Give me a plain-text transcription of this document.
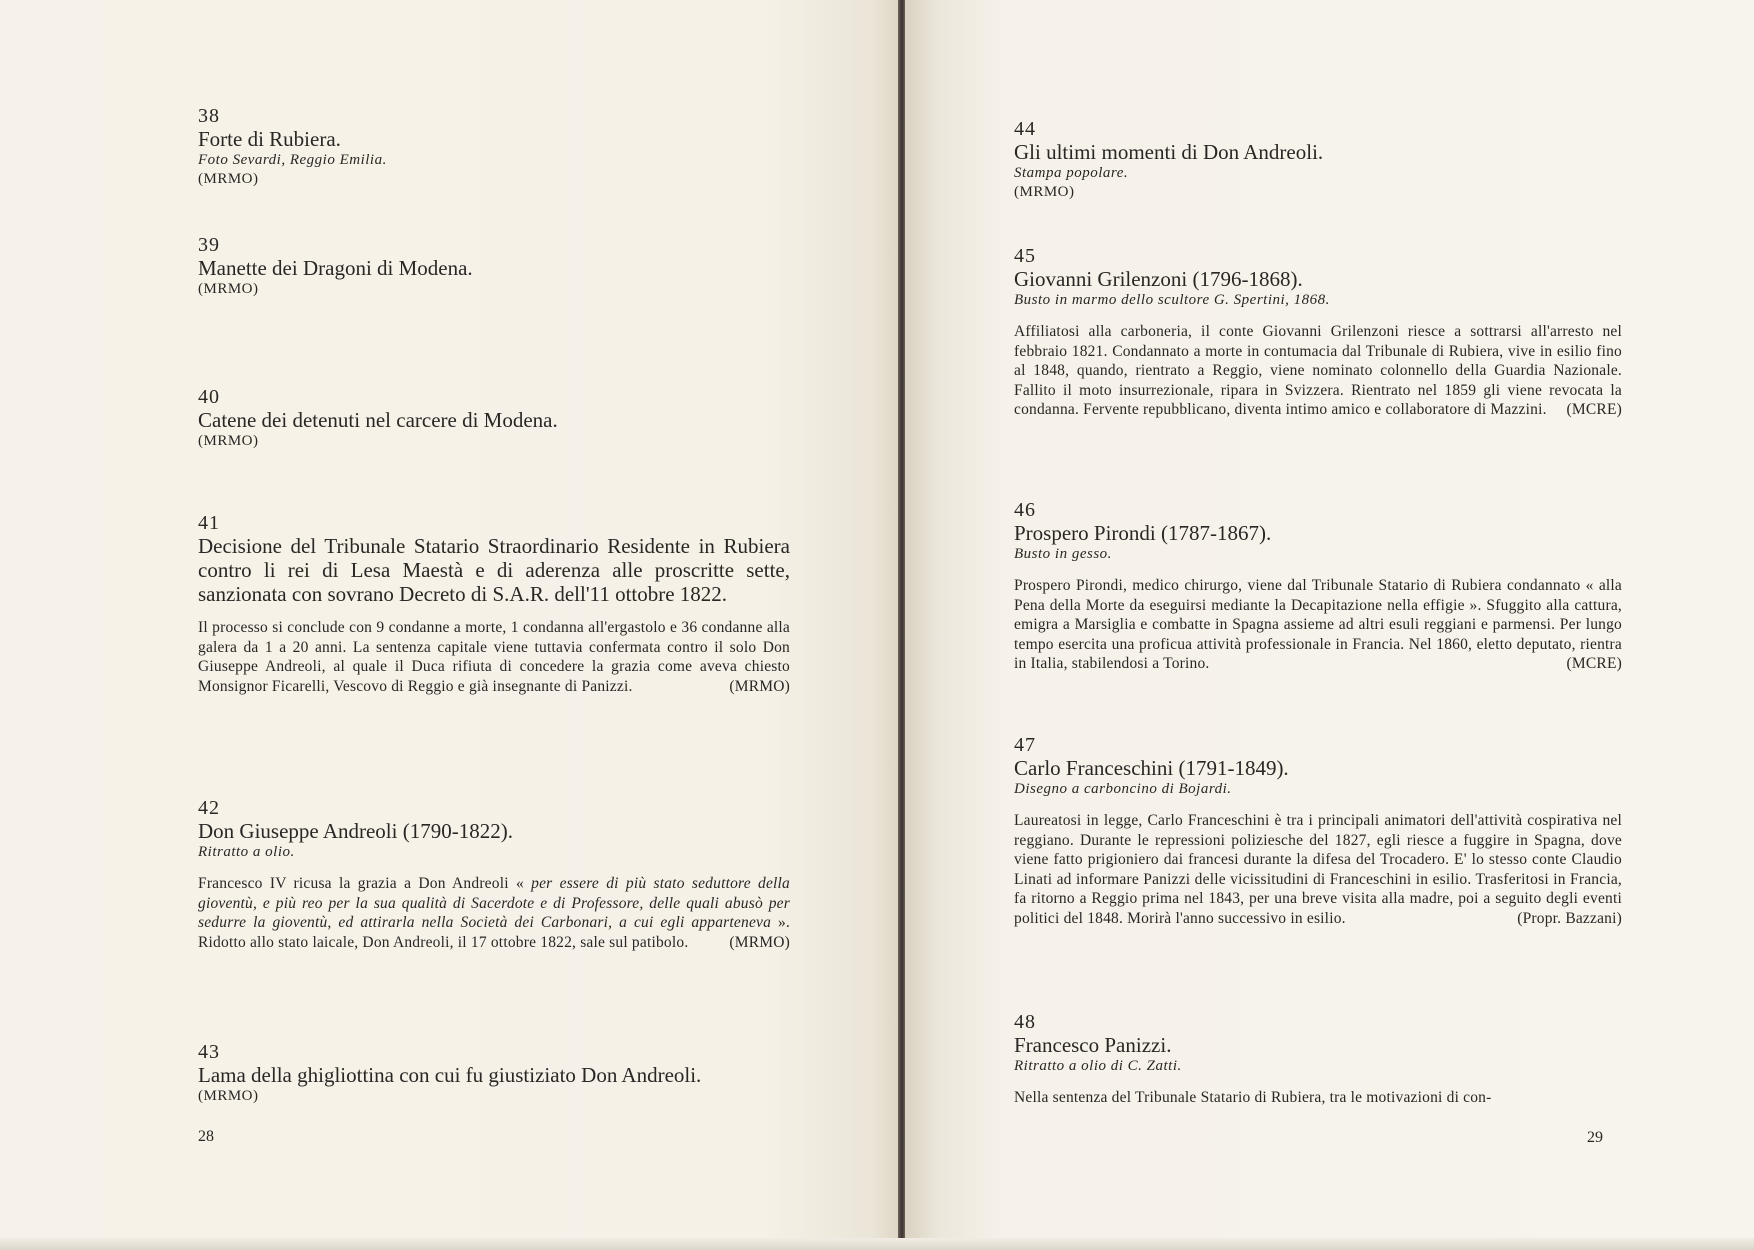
38
Forte di Rubiera.
Foto Sevardi, Reggio Emilia.
(MRMO)
39
Manette dei Dragoni di Modena.
(MRMO)
40
Catene dei detenuti nel carcere di Modena.
(MRMO)
41
Decisione del Tribunale Statario Straordinario Residente in Rubiera contro li rei di Lesa Maestà e di aderenza alle proscritte sette, sanzionata con sovrano Decreto di S.A.R. dell'11 ottobre 1822.
Il processo si conclude con 9 condanne a morte, 1 condanna all'ergastolo e 36 condanne alla galera da 1 a 20 anni. La sentenza capitale viene tuttavia confermata contro il solo Don Giuseppe Andreoli, al quale il Duca rifiuta di concedere la grazia come aveva chiesto Monsignor Ficarelli, Vescovo di Reggio e già insegnante di Panizzi.	(MRMO)
42
Don Giuseppe Andreoli (1790-1822).
Ritratto a olio.
Francesco IV ricusa la grazia a Don Andreoli « per essere di più stato seduttore della gioventù, e più reo per la sua qualità di Sacerdote e di Professore, delle quali abusò per sedurre la gioventù, ed attirarla nella Società dei Carbonari, a cui egli apparteneva ». Ridotto allo stato laicale, Don Andreoli, il 17 ottobre 1822, sale sul patibolo.	(MRMO)
43
Lama della ghigliottina con cui fu giustiziato Don Andreoli.
(MRMO)
28
44
Gli ultimi momenti di Don Andreoli.
Stampa popolare.
(MRMO)
45
Giovanni Grilenzoni (1796-1868).
Busto in marmo dello scultore G. Spertini, 1868.
Affiliatosi alla carboneria, il conte Giovanni Grilenzoni riesce a sottrarsi all'arresto nel febbraio 1821. Condannato a morte in contumacia dal Tribunale di Rubiera, vive in esilio fino al 1848, quando, rientrato a Reggio, viene nominato colonnello della Guardia Nazionale. Fallito il moto insurrezionale, ripara in Svizzera. Rientrato nel 1859 gli viene revocata la condanna. Fervente repubblicano, diventa intimo amico e collaboratore di Mazzini. (MCRE)
46
Prospero Pirondi (1787-1867).
Busto in gesso.
Prospero Pirondi, medico chirurgo, viene dal Tribunale Statario di Rubiera condannato « alla Pena della Morte da eseguirsi mediante la Decapitazione nella effigie ». Sfuggito alla cattura, emigra a Marsiglia e combatte in Spagna assieme ad altri esuli reggiani e parmensi. Per lungo tempo esercita una proficua attività professionale in Francia. Nel 1860, eletto deputato, rientra in Italia, stabilendosi a Torino.	(MCRE)
47
Carlo Franceschini (1791-1849).
Disegno a carboncino di Bojardi.
Laureatosi in legge, Carlo Franceschini è tra i principali animatori dell'attività cospirativa nel reggiano. Durante le repressioni poliziesche del 1827, egli riesce a fuggire in Spagna, dove viene fatto prigioniero dai francesi durante la difesa del Trocadero. E' lo stesso conte Claudio Linati ad informare Panizzi delle vicissitudini di Franceschini in esilio. Trasferitosi in Francia, fa ritorno a Reggio prima nel 1843, per una breve visita alla madre, poi a seguito degli eventi politici del 1848. Morirà l'anno successivo in esilio.	(Propr. Bazzani)
48
Francesco Panizzi.
Ritratto a olio di C. Zatti.
Nella sentenza del Tribunale Statario di Rubiera, tra le motivazioni di con-
29
